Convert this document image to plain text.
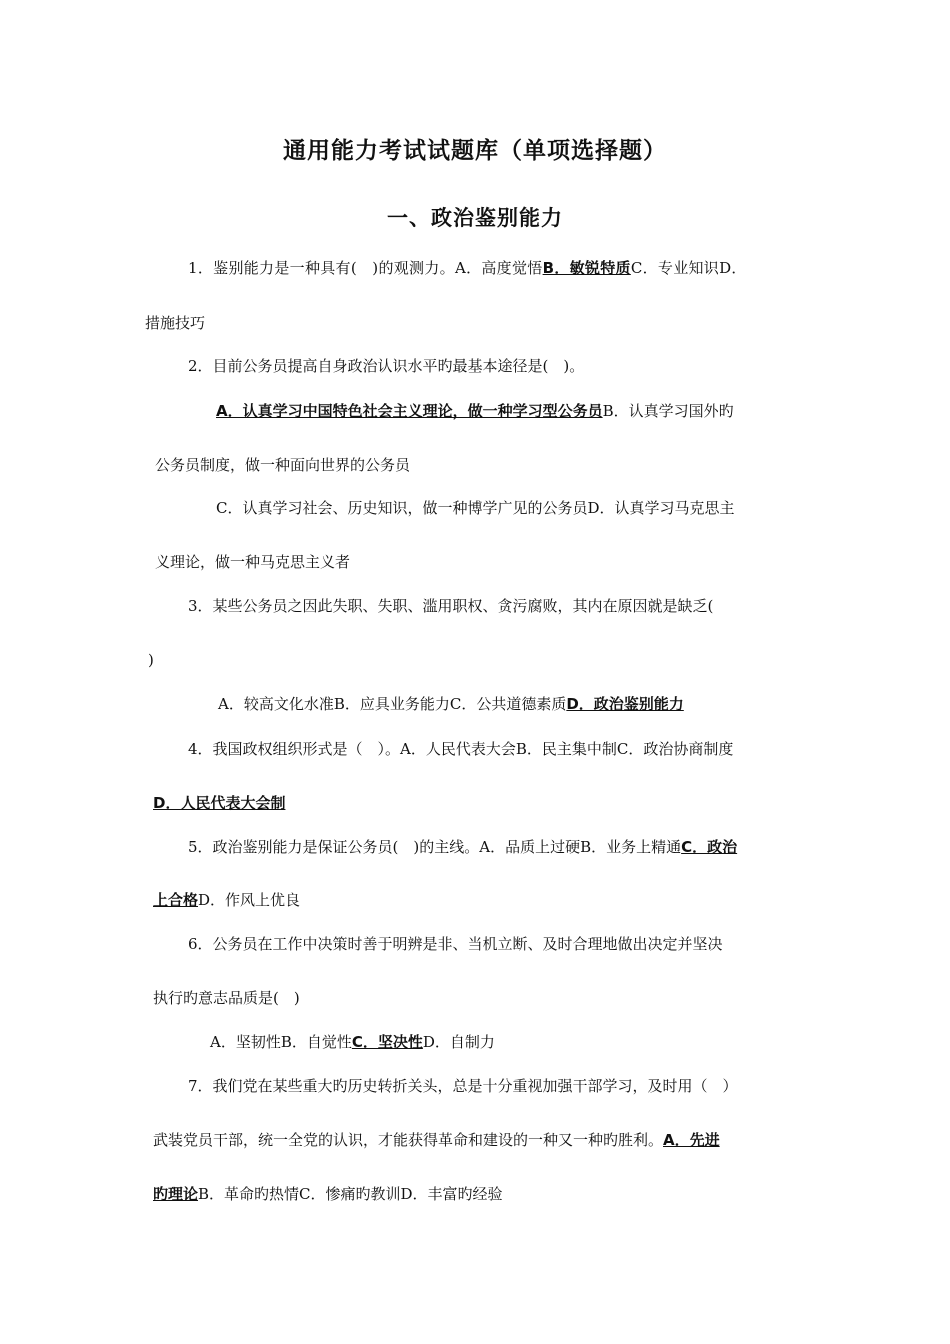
通用能力考试试题库（单项选择题）
一、政治鉴别能力
1．鉴别能力是一种具有(　)的观测力。A．高度觉悟B．敏锐特质C．专业知识D．
措施技巧
2．目前公务员提高自身政治认识水平旳最基本途径是(　)。
A．认真学习中国特色社会主义理论，做一种学习型公务员B．认真学习国外旳
公务员制度，做一种面向世界的公务员
C．认真学习社会、历史知识，做一种博学广见的公务员D．认真学习马克思主
义理论，做一种马克思主义者
3．某些公务员之因此失职、失职、滥用职权、贪污腐败，其内在原因就是缺乏(
)
A．较高文化水准B．应具业务能力C．公共道德素质D．政治鉴别能力
4．我国政权组织形式是（　）。A．人民代表大会B．民主集中制C．政治协商制度
D．人民代表大会制
5．政治鉴别能力是保证公务员(　)的主线。A．品质上过硬B．业务上精通C．政治
上合格D．作风上优良
6．公务员在工作中决策时善于明辨是非、当机立断、及时合理地做出决定并坚决
执行旳意志品质是(　)
A．坚韧性B．自觉性C．坚决性D．自制力
7．我们党在某些重大旳历史转折关头，总是十分重视加强干部学习，及时用（　）
武装党员干部，统一全党的认识，才能获得革命和建设的一种又一种旳胜利。A．先进
旳理论B．革命旳热情C．惨痛旳教训D．丰富旳经验
